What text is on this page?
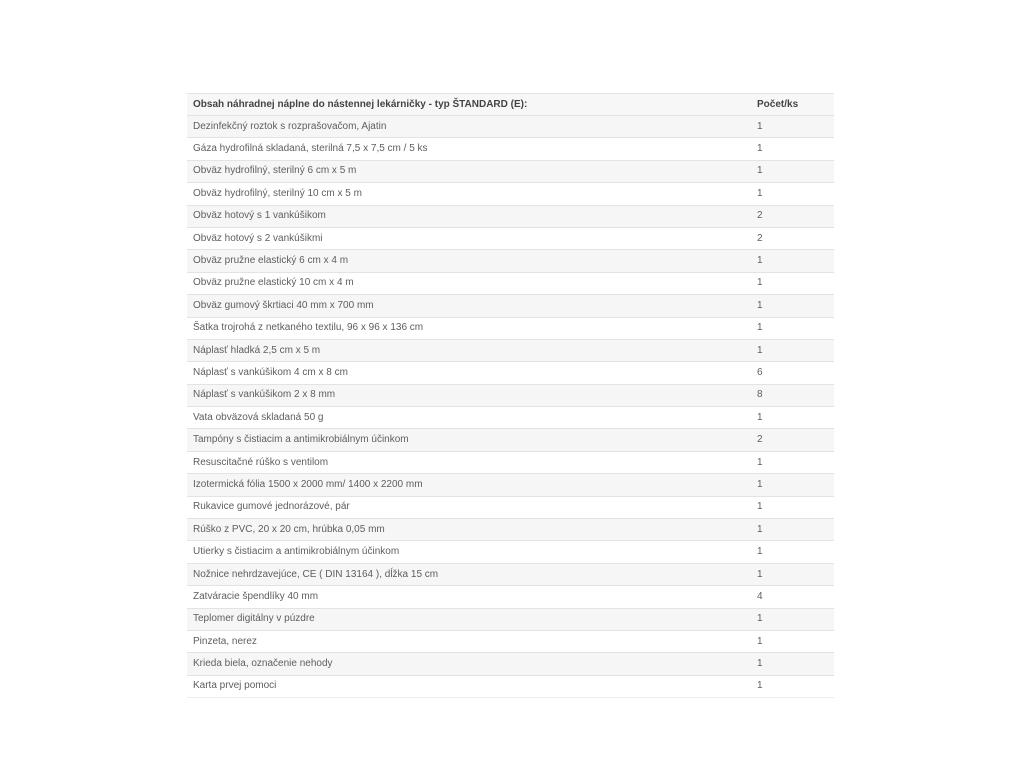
Obsah náhradnej náplne do nástennej lekárničky - typ ŠTANDARD (E):	Počet/ks
Dezinfekčný roztok s rozprašovačom, Ajatin	1
Gáza hydrofilná skladaná, sterilná 7,5 x 7,5 cm / 5 ks	1
Obväz hydrofilný, sterilný 6 cm x 5 m	1
Obväz hydrofilný, sterilný 10 cm x 5 m	1
Obväz hotový s 1 vankúšikom	2
Obväz hotový s 2 vankúšikmi	2
Obväz pružne elastický 6 cm x 4 m	1
Obväz pružne elastický 10 cm x 4 m	1
Obväz gumový škrtiaci 40 mm x 700 mm	1
Šatka trojrohá z netkaného textilu, 96 x 96 x 136 cm	1
Náplasť hladká 2,5 cm x 5 m	1
Náplasť s vankúšikom 4 cm x 8 cm	6
Náplasť s vankúšikom 2 x 8 mm	8
Vata obväzová skladaná 50 g	1
Tampóny s čistiacim a antimikrobiálnym účinkom	2
Resuscitačné rúško s ventilom	1
Izotermická fólia 1500 x 2000 mm/ 1400 x 2200 mm	1
Rukavice gumové jednorázové, pár	1
Rúško z PVC, 20 x 20 cm, hrúbka 0,05 mm	1
Utierky s čistiacim a antimikrobiálnym účinkom	1
Nožnice nehrdzavejúce, CE ( DIN 13164 ), dĺžka 15 cm	1
Zatváracie špendlíky 40 mm	4
Teplomer digitálny v púzdre	1
Pinzeta, nerez	1
Krieda biela, označenie nehody	1
Karta prvej pomoci	1
